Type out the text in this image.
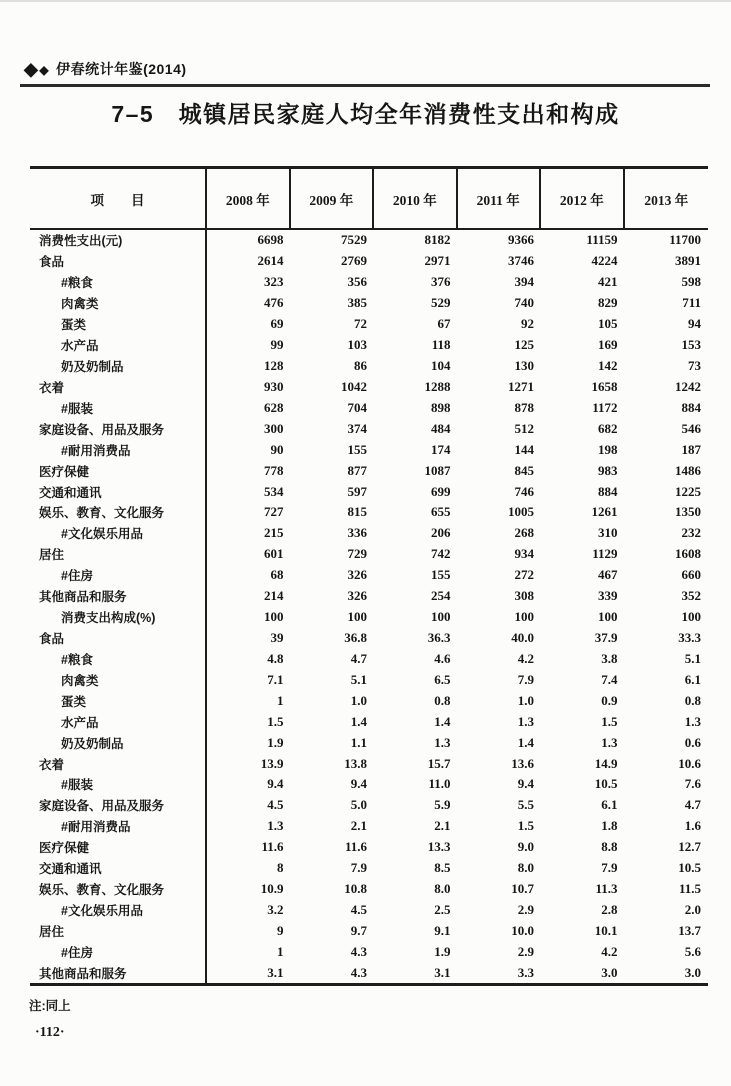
◆ ◆ 伊春统计年鉴(2014)
7–5　城镇居民家庭人均全年消费性支出和构成
项　　目	2008 年	2009 年	2010 年	2011 年	2012 年	2013 年
消费性支出(元)	6698	7529	8182	9366	11159	11700
食品	2614	2769	2971	3746	4224	3891
#粮食	323	356	376	394	421	598
肉禽类	476	385	529	740	829	711
蛋类	69	72	67	92	105	94
水产品	99	103	118	125	169	153
奶及奶制品	128	86	104	130	142	73
衣着	930	1042	1288	1271	1658	1242
#服装	628	704	898	878	1172	884
家庭设备、用品及服务	300	374	484	512	682	546
#耐用消费品	90	155	174	144	198	187
医疗保健	778	877	1087	845	983	1486
交通和通讯	534	597	699	746	884	1225
娱乐、教育、文化服务	727	815	655	1005	1261	1350
#文化娱乐用品	215	336	206	268	310	232
居住	601	729	742	934	1129	1608
#住房	68	326	155	272	467	660
其他商品和服务	214	326	254	308	339	352
消费支出构成(%)	100	100	100	100	100	100
食品	39	36.8	36.3	40.0	37.9	33.3
#粮食	4.8	4.7	4.6	4.2	3.8	5.1
肉禽类	7.1	5.1	6.5	7.9	7.4	6.1
蛋类	1	1.0	0.8	1.0	0.9	0.8
水产品	1.5	1.4	1.4	1.3	1.5	1.3
奶及奶制品	1.9	1.1	1.3	1.4	1.3	0.6
衣着	13.9	13.8	15.7	13.6	14.9	10.6
#服装	9.4	9.4	11.0	9.4	10.5	7.6
家庭设备、用品及服务	4.5	5.0	5.9	5.5	6.1	4.7
#耐用消费品	1.3	2.1	2.1	1.5	1.8	1.6
医疗保健	11.6	11.6	13.3	9.0	8.8	12.7
交通和通讯	8	7.9	8.5	8.0	7.9	10.5
娱乐、教育、文化服务	10.9	10.8	8.0	10.7	11.3	11.5
#文化娱乐用品	3.2	4.5	2.5	2.9	2.8	2.0
居住	9	9.7	9.1	10.0	10.1	13.7
#住房	1	4.3	1.9	2.9	4.2	5.6
其他商品和服务	3.1	4.3	3.1	3.3	3.0	3.0
注:同上
·112·
